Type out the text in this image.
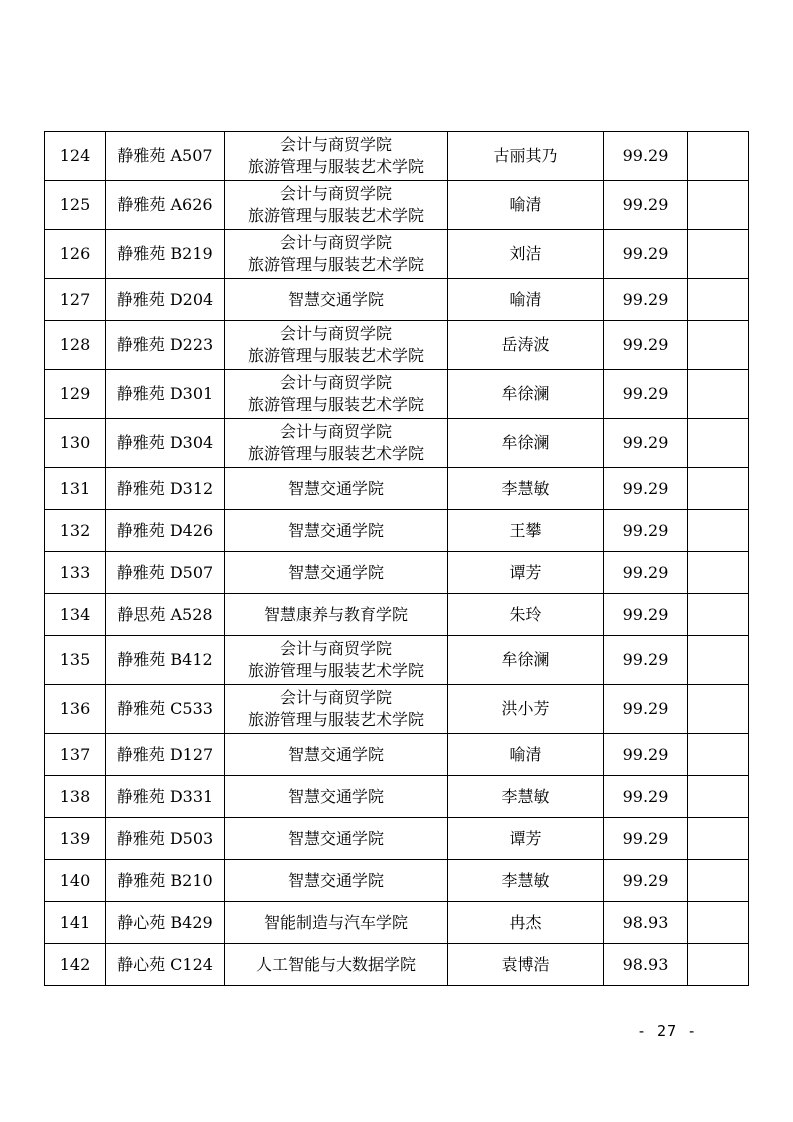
124	静雅苑 A507	会计与商贸学院
旅游管理与服装艺术学院	古丽其乃	99.29	
125	静雅苑 A626	会计与商贸学院
旅游管理与服装艺术学院	喻清	99.29	
126	静雅苑 B219	会计与商贸学院
旅游管理与服装艺术学院	刘洁	99.29	
127	静雅苑 D204	智慧交通学院	喻清	99.29	
128	静雅苑 D223	会计与商贸学院
旅游管理与服装艺术学院	岳涛波	99.29	
129	静雅苑 D301	会计与商贸学院
旅游管理与服装艺术学院	牟徐澜	99.29	
130	静雅苑 D304	会计与商贸学院
旅游管理与服装艺术学院	牟徐澜	99.29	
131	静雅苑 D312	智慧交通学院	李慧敏	99.29	
132	静雅苑 D426	智慧交通学院	王攀	99.29	
133	静雅苑 D507	智慧交通学院	谭芳	99.29	
134	静思苑 A528	智慧康养与教育学院	朱玲	99.29	
135	静雅苑 B412	会计与商贸学院
旅游管理与服装艺术学院	牟徐澜	99.29	
136	静雅苑 C533	会计与商贸学院
旅游管理与服装艺术学院	洪小芳	99.29	
137	静雅苑 D127	智慧交通学院	喻清	99.29	
138	静雅苑 D331	智慧交通学院	李慧敏	99.29	
139	静雅苑 D503	智慧交通学院	谭芳	99.29	
140	静雅苑 B210	智慧交通学院	李慧敏	99.29	
141	静心苑 B429	智能制造与汽车学院	冉杰	98.93	
142	静心苑 C124	人工智能与大数据学院	袁博浩	98.93	
- 27 -
